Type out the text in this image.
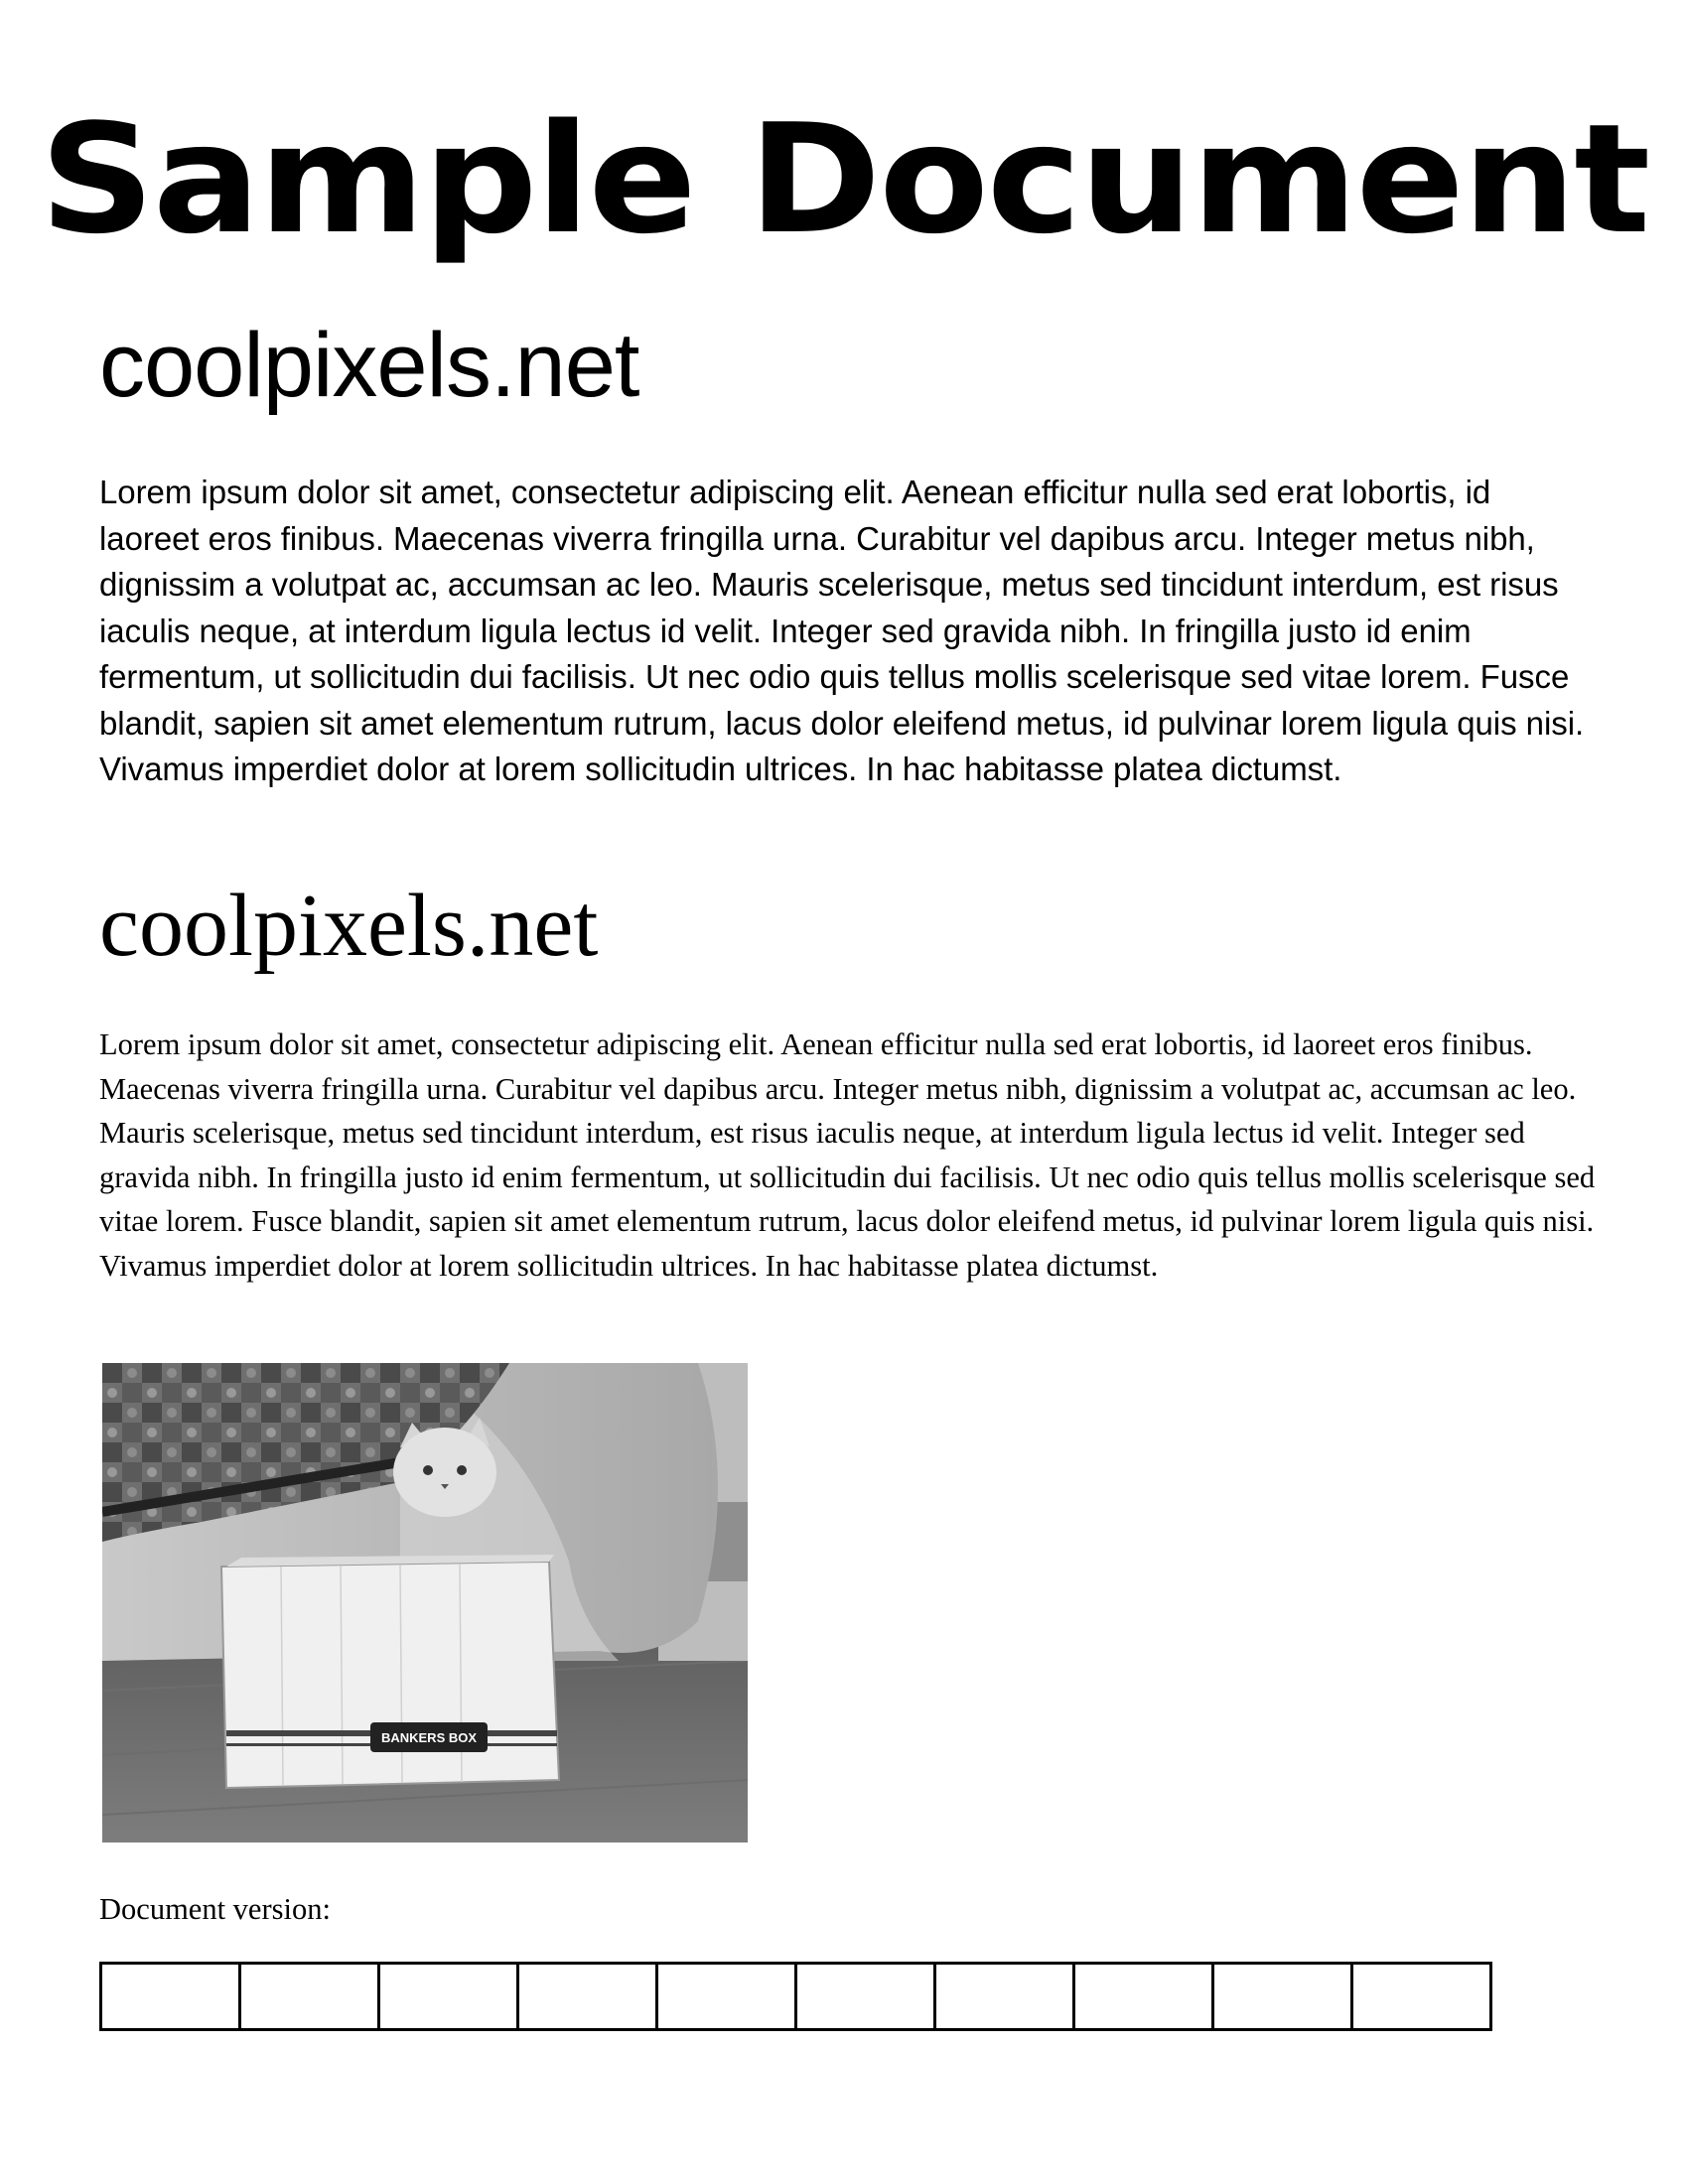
Sample Document
coolpixels.net

Lorem ipsum dolor sit amet, consectetur adipiscing elit. Aenean efficitur nulla sed erat lobortis, id laoreet eros finibus. Maecenas viverra fringilla urna. Curabitur vel dapibus arcu. Integer metus nibh, dignissim a volutpat ac, accumsan ac leo. Mauris scelerisque, metus sed tincidunt interdum, est risus iaculis neque, at interdum ligula lectus id velit. Integer sed gravida nibh. In fringilla justo id enim fermentum, ut sollicitudin dui facilisis. Ut nec odio quis tellus mollis scelerisque sed vitae lorem. Fusce blandit, sapien sit amet elementum rutrum, lacus dolor eleifend metus, id pulvinar lorem ligula quis nisi. Vivamus imperdiet dolor at lorem sollicitudin ultrices. In hac habitasse platea dictumst.

coolpixels.net

Lorem ipsum dolor sit amet, consectetur adipiscing elit. Aenean efficitur nulla sed erat lobortis, id laoreet eros finibus. Maecenas viverra fringilla urna. Curabitur vel dapibus arcu. Integer metus nibh, dignissim a volutpat ac, accumsan ac leo. Mauris scelerisque, metus sed tincidunt interdum, est risus iaculis neque, at interdum ligula lectus id velit. Integer sed gravida nibh. In fringilla justo id enim fermentum, ut sollicitudin dui facilisis. Ut nec odio quis tellus mollis scelerisque sed vitae lorem. Fusce blandit, sapien sit amet elementum rutrum, lacus dolor eleifend metus, id pulvinar lorem ligula quis nisi. Vivamus imperdiet dolor at lorem sollicitudin ultrices. In hac habitasse platea dictumst.

BANKERS BOX

Document version:
